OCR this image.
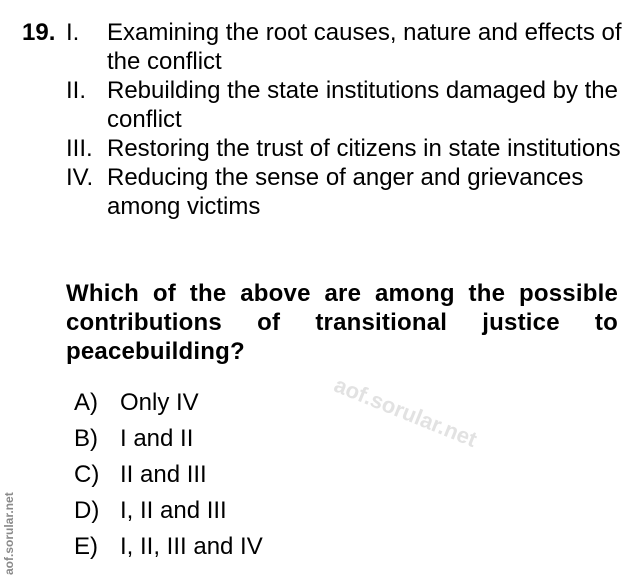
19. I.	Examining the root causes, nature and effects of the conflict
II. Rebuilding the state institutions damaged by the conflict
III. Restoring the trust of citizens in state institutions
IV. Reducing the sense of anger and grievances among victims
Which of the above are among the possible contributions of transitional justice to peacebuilding?
aof.sorular.net
A) Only IV
B) I and II
C) II and III
D) I, II and III
E) I, II, III and IV
aof.sorular.net
